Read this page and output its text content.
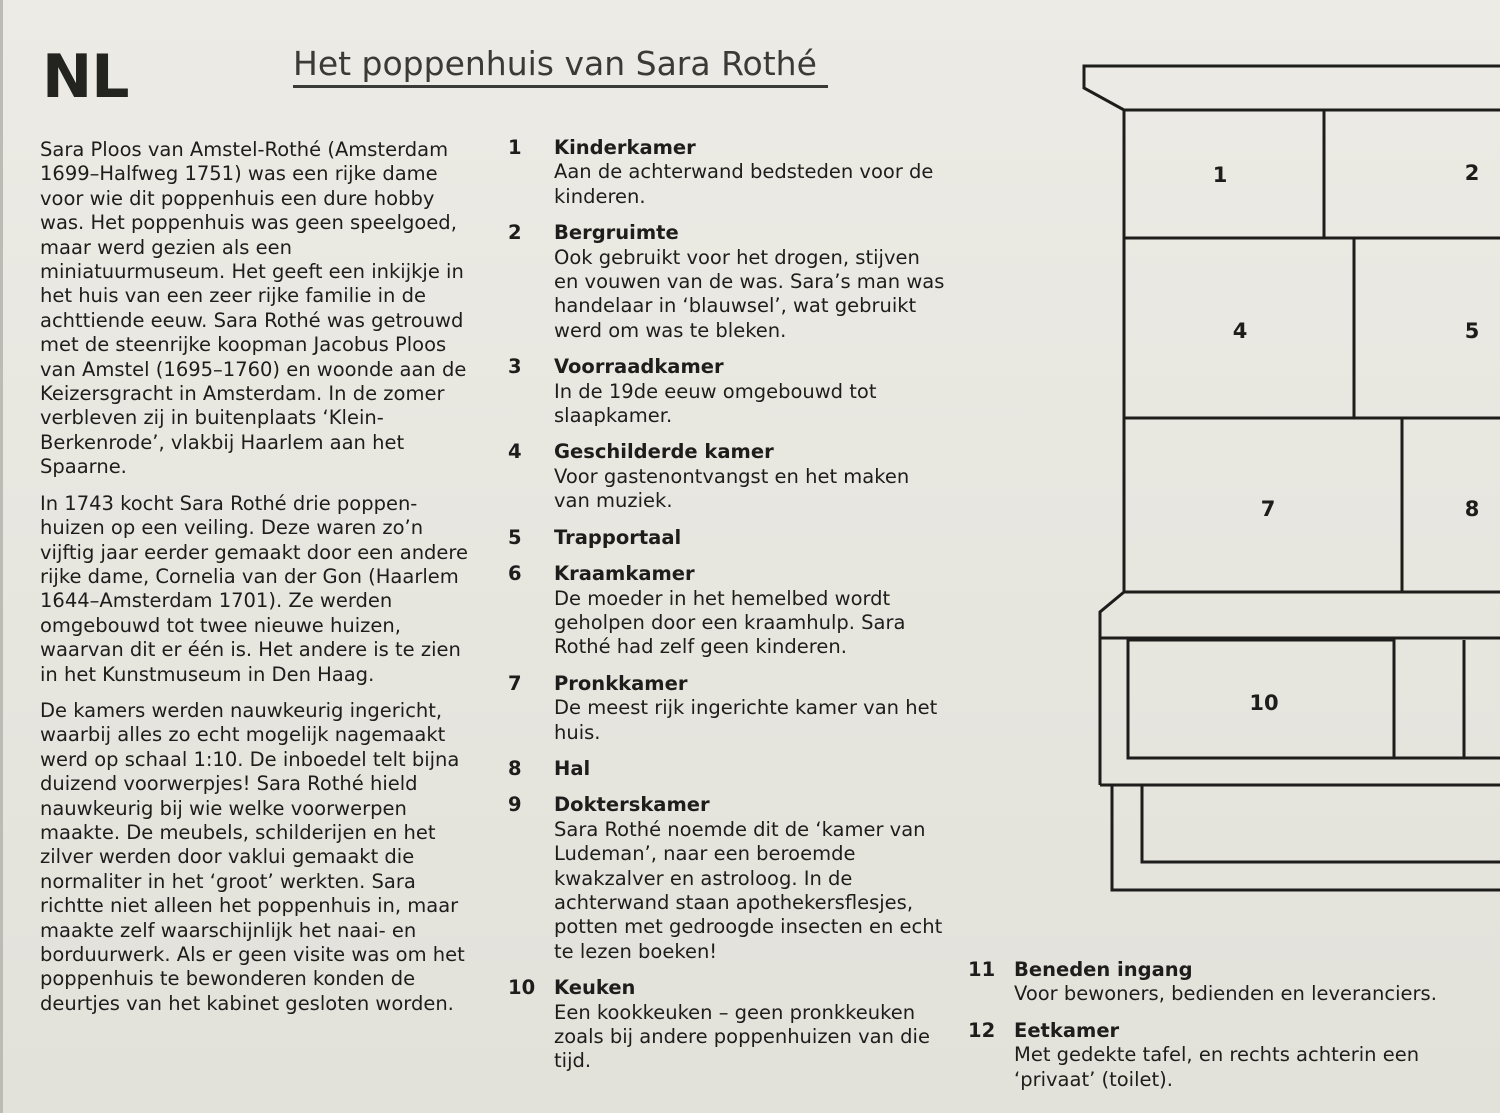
NL	Het poppenhuis van Sara Rothé

Sara Ploos van Amstel-Rothé (Amsterdam 1699–Halfweg 1751) was een rijke dame voor wie dit poppenhuis een dure hobby was. Het poppenhuis was geen speelgoed, maar werd gezien als een miniatuurmuseum. Het geeft een inkijkje in het huis van een zeer rijke familie in de achttiende eeuw. Sara Rothé was getrouwd met de steenrijke koopman Jacobus Ploos van Amstel (1695–1760) en woonde aan de Keizersgracht in Amsterdam. In de zomer verbleven zij in buitenplaats ‘Klein-Berkenrode’, vlakbij Haarlem aan het Spaarne.

In 1743 kocht Sara Rothé drie poppen- huizen op een veiling. Deze waren zo’n vijftig jaar eerder gemaakt door een andere rijke dame, Cornelia van der Gon (Haarlem 1644–Amsterdam 1701). Ze werden omgebouwd tot twee nieuwe huizen, waarvan dit er één is. Het andere is te zien in het Kunstmuseum in Den Haag.

De kamers werden nauwkeurig ingericht, waarbij alles zo echt mogelijk nagemaakt werd op schaal 1:10. De inboedel telt bijna duizend voorwerpjes! Sara Rothé hield nauwkeurig bij wie welke voorwerpen maakte. De meubels, schilderijen en het zilver werden door vaklui gemaakt die normaliter in het ‘groot’ werkten. Sara richtte niet alleen het poppenhuis in, maar maakte zelf waarschijnlijk het naai- en borduurwerk. Als er geen visite was om het poppenhuis te bewonderen konden de deurtjes van het kabinet gesloten worden.

1	Kinderkamer
Aan de achterwand bedsteden voor de kinderen.
2	Bergruimte
Ook gebruikt voor het drogen, stijven en vouwen van de was. Sara’s man was handelaar in ‘blauwsel’, wat gebruikt werd om was te bleken.
3	Voorraadkamer
In de 19de eeuw omgebouwd tot slaapkamer.
4	Geschilderde kamer
Voor gastenontvangst en het maken van muziek.
5	Trapportaal
6	Kraamkamer
De moeder in het hemelbed wordt geholpen door een kraamhulp. Sara Rothé had zelf geen kinderen.
7	Pronkkamer
De meest rijk ingerichte kamer van het huis.
8	Hal
9	Dokterskamer
Sara Rothé noemde dit de ‘kamer van Ludeman’, naar een beroemde kwakzalver en astroloog. In de achterwand staan apothekersflesjes, potten met gedroogde insecten en echt te lezen boeken!
10 Keuken
Een kookkeuken – geen pronkkeuken zoals bij andere poppenhuizen van die tijd.
11 Beneden ingang
Voor bewoners, bedienden en leveranciers.
12 Eetkamer
Met gedekte tafel, en rechts achterin een ‘privaat’ (toilet).
1	2
4	5
7	8
10
